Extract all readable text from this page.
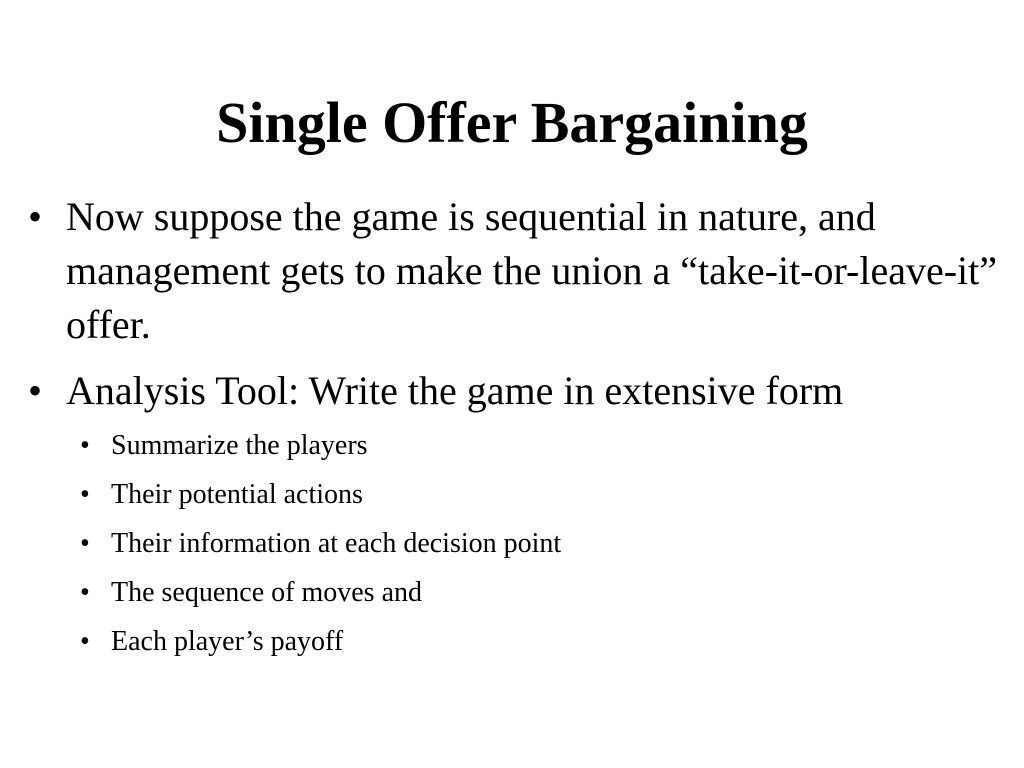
Single Offer Bargaining
• Now suppose the game is sequential in nature, and management gets to make the union a “take-it-or-leave-it” offer.
• Analysis Tool: Write the game in extensive form
• Summarize the players
• Their potential actions
• Their information at each decision point
• The sequence of moves and
• Each player’s payoff
